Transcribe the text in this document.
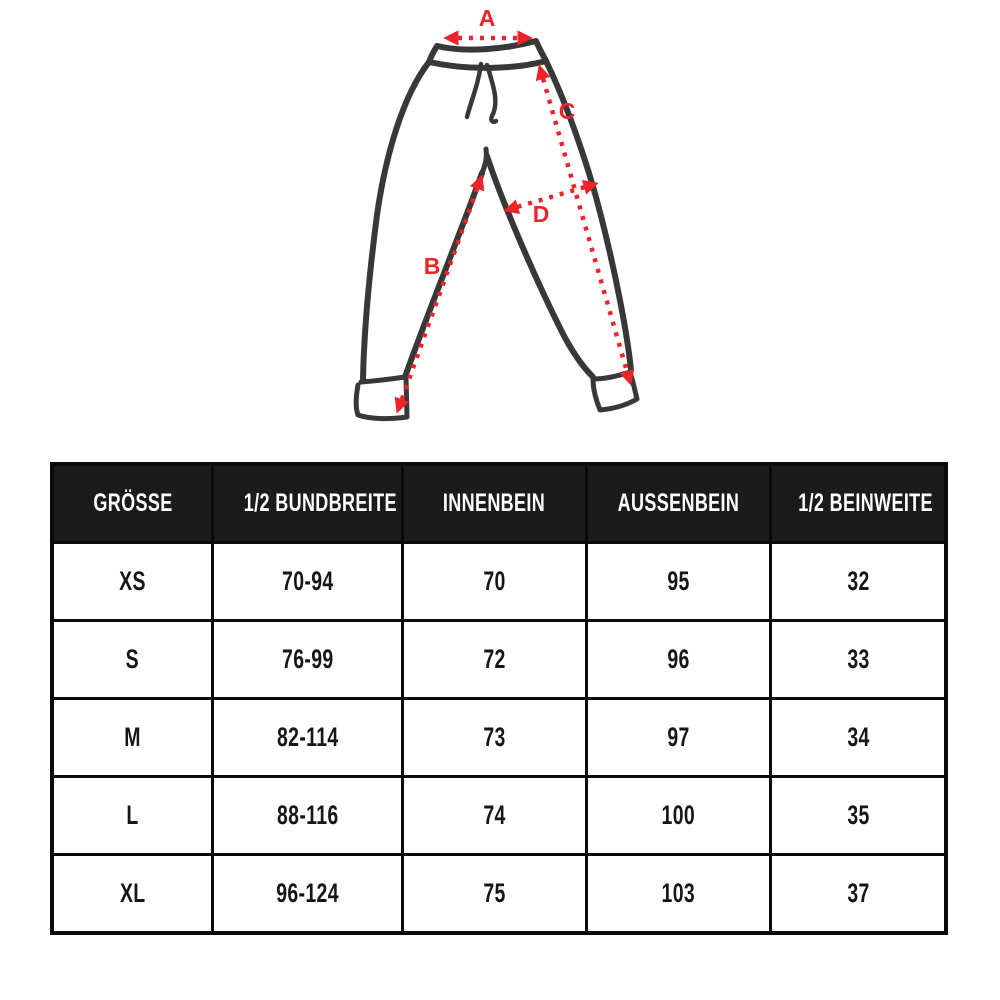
A
B
C
D
GRÖSSE	1/2 BUNDBREITE	INNENBEIN	AUSSENBEIN	1/2 BEINWEITE
XS	70-94	70	95	32
S	76-99	72	96	33
M	82-114	73	97	34
L	88-116	74	100	35
XL	96-124	75	103	37
